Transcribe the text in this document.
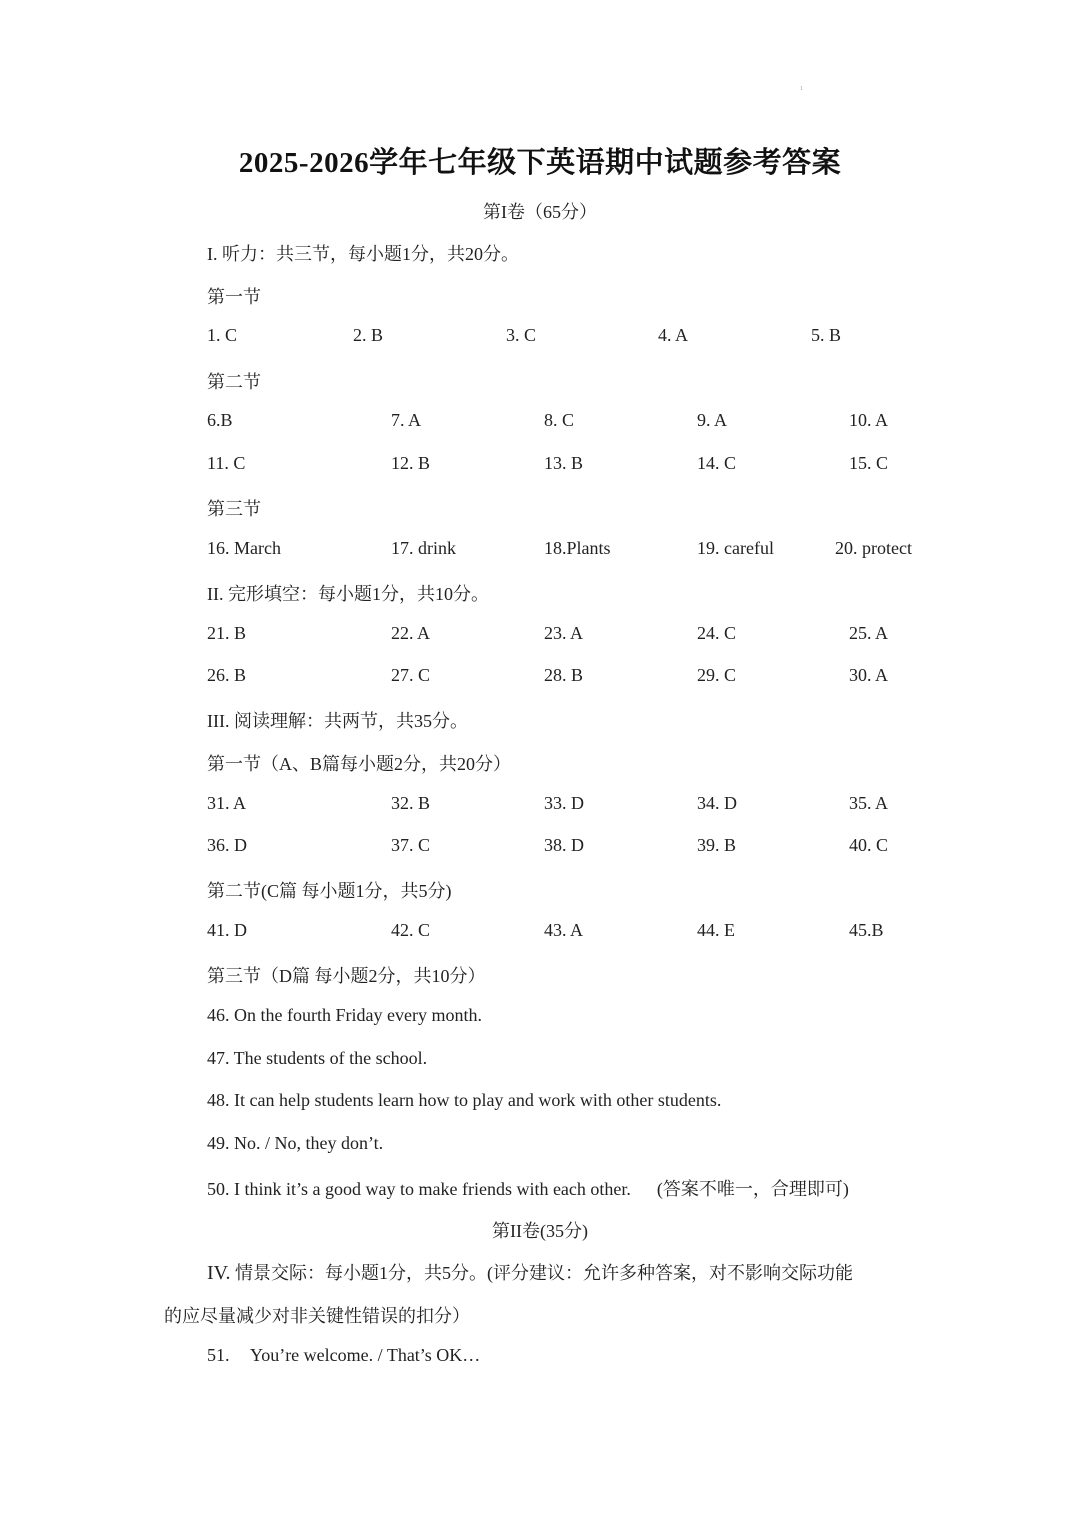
1
2025-2026学年七年级下英语期中试题参考答案
第I卷（65分）
I. 听力：共三节，每小题1分，共20分。
第一节
1. C	2. B	3. C	4. A	5. B
第二节
6.B	7. A	8. C	9. A	10. A
11. C	12. B	13. B	14. C	15. C
第三节
16. March	17. drink	18.Plants	19. careful	20. protect
II. 完形填空：每小题1分，共10分。
21. B	22. A	23. A	24. C	25. A
26. B	27. C	28. B	29. C	30. A
III. 阅读理解：共两节，共35分。
第一节（A、B篇每小题2分，共20分）
31. A	32. B	33. D	34. D	35. A
36. D	37. C	38. D	39. B	40. C
第二节(C篇 每小题1分，共5分)
41. D	42. C	43. A	44. E	45.B
第三节（D篇 每小题2分，共10分）
46. On the fourth Friday every month.
47. The students of the school.
48. It can help students learn how to play and work with other students.
49. No. / No, they don’t.
50. I think it’s a good way to make friends with each other. (答案不唯一，合理即可)
第II卷(35分)
IV. 情景交际：每小题1分，共5分。(评分建议：允许多种答案，对不影响交际功能
的应尽量减少对非关键性错误的扣分）
51. You’re welcome. / That’s OK…
